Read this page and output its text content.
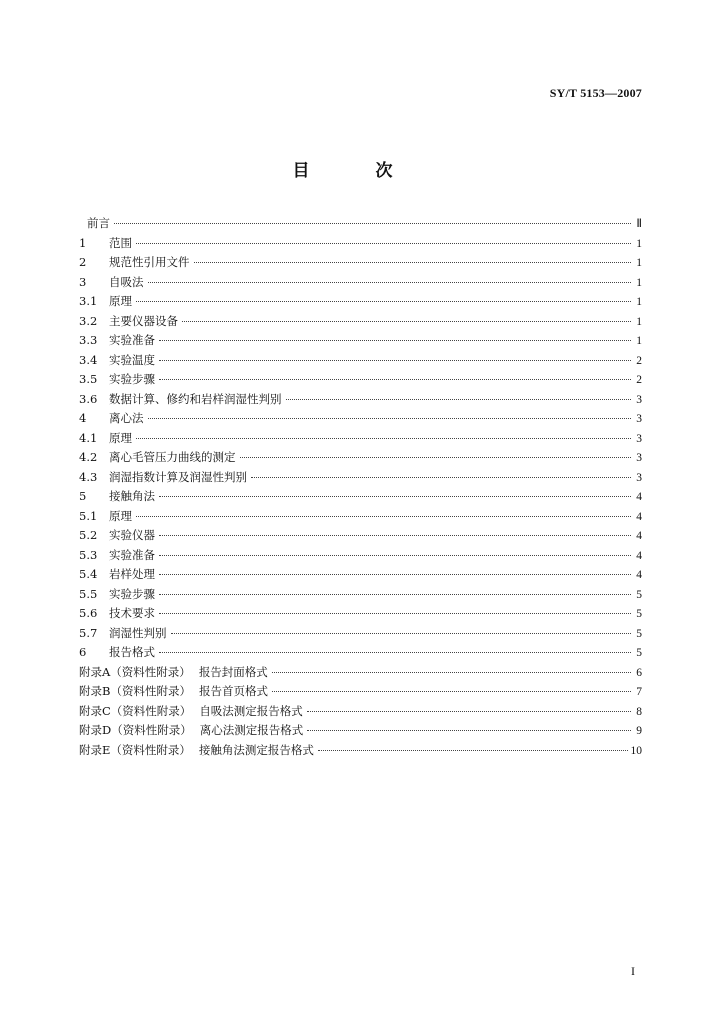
SY/T 5153—2007
目 次
前言	Ⅱ
1	范围	1
2	规范性引用文件	1
3	自吸法	1
3.1	原理	1
3.2	主要仪器设备	1
3.3	实验准备	1
3.4	实验温度	2
3.5	实验步骤	2
3.6	数据计算、修约和岩样润湿性判别	3
4	离心法	3
4.1	原理	3
4.2	离心毛管压力曲线的测定	3
4.3	润湿指数计算及润湿性判别	3
5	接触角法	4
5.1	原理	4
5.2	实验仪器	4
5.3	实验准备	4
5.4	岩样处理	4
5.5	实验步骤	5
5.6	技术要求	5
5.7	润湿性判别	5
6	报告格式	5
附录A（资料性附录） 报告封面格式	6
附录B（资料性附录） 报告首页格式	7
附录C（资料性附录） 自吸法测定报告格式	8
附录D（资料性附录） 离心法测定报告格式	9
附录E（资料性附录） 接触角法测定报告格式	10
I
